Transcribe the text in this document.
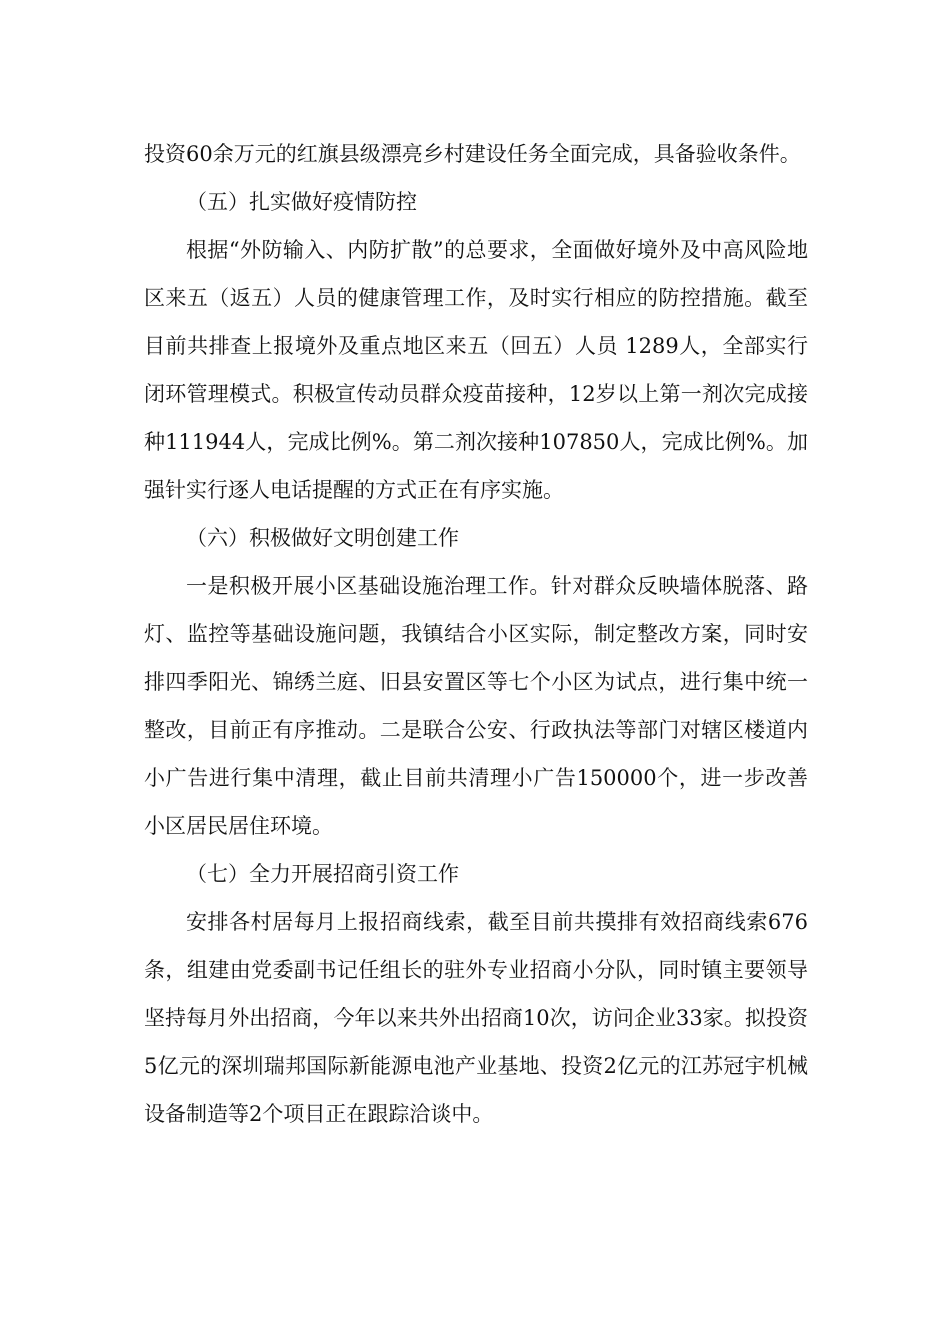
投资60余万元的红旗县级漂亮乡村建设任务全面完成，具备验收条件。

（五）扎实做好疫情防控

根据“外防输入、内防扩散”的总要求，全面做好境外及中高风险地区来五（返五）人员的健康管理工作，及时实行相应的防控措施。截至目前共排查上报境外及重点地区来五（回五）人员 1289人，全部实行闭环管理模式。积极宣传动员群众疫苗接种，12岁以上第一剂次完成接种111944人，完成比例%。第二剂次接种107850人，完成比例%。加强针实行逐人电话提醒的方式正在有序实施。

（六）积极做好文明创建工作

一是积极开展小区基础设施治理工作。针对群众反映墙体脱落、路灯、监控等基础设施问题，我镇结合小区实际，制定整改方案，同时安排四季阳光、锦绣兰庭、旧县安置区等七个小区为试点，进行集中统一整改，目前正有序推动。二是联合公安、行政执法等部门对辖区楼道内小广告进行集中清理，截止目前共清理小广告150000个，进一步改善小区居民居住环境。

（七）全力开展招商引资工作

安排各村居每月上报招商线索，截至目前共摸排有效招商线索676条，组建由党委副书记任组长的驻外专业招商小分队，同时镇主要领导坚持每月外出招商，今年以来共外出招商10次，访问企业33家。拟投资5亿元的深圳瑞邦国际新能源电池产业基地、投资2亿元的江苏冠宇机械设备制造等2个项目正在跟踪洽谈中。
